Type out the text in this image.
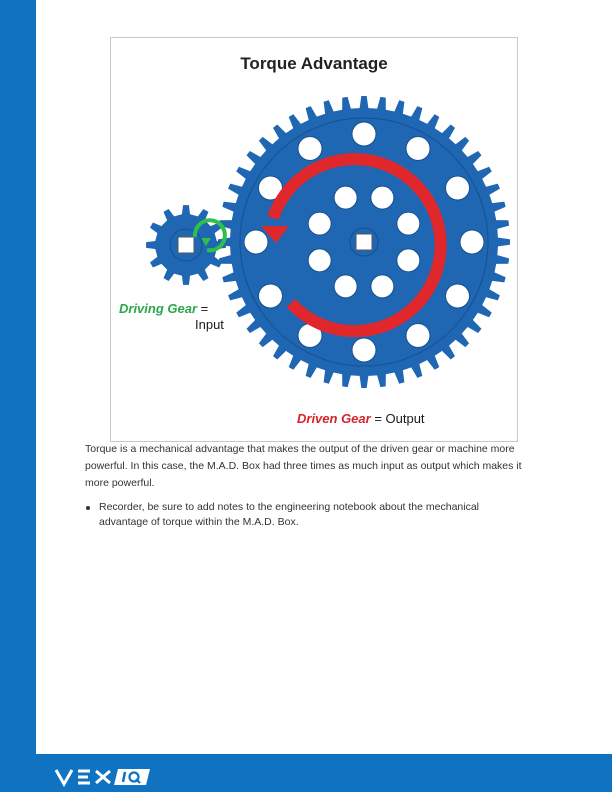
Torque Advantage
Driving Gear =
Input
Driven Gear = Output
Torque is a mechanical advantage that makes the output of the driven gear or machine more powerful. In this case, the M.A.D. Box had three times as much input as output which makes it more powerful.
Recorder, be sure to add notes to the engineering notebook about the mechanical advantage of torque within the M.A.D. Box.
